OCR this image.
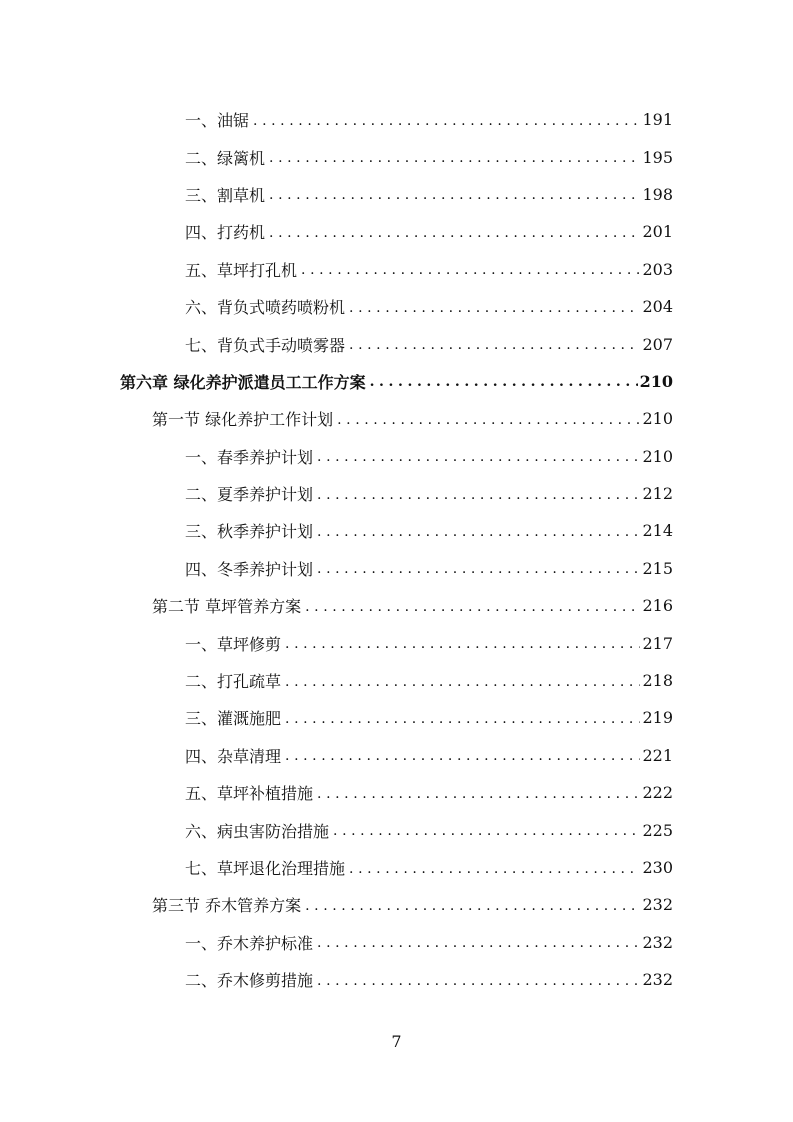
一、油锯 .....	191
二、绿篱机 .....	195
三、割草机 .....	198
四、打药机 .....	201
五、草坪打孔机 .....	203
六、背负式喷药喷粉机 .....	204
七、背负式手动喷雾器 .....	207
第六章 绿化养护派遣员工工作方案 .....	210
第一节 绿化养护工作计划 .....	210
一、春季养护计划 .....	210
二、夏季养护计划 .....	212
三、秋季养护计划 .....	214
四、冬季养护计划 .....	215
第二节 草坪管养方案 .....	216
一、草坪修剪 .....	217
二、打孔疏草 .....	218
三、灌溉施肥 .....	219
四、杂草清理 .....	221
五、草坪补植措施 .....	222
六、病虫害防治措施 .....	225
七、草坪退化治理措施 .....	230
第三节 乔木管养方案 .....	232
一、乔木养护标准 .....	232
二、乔木修剪措施 .....	232
7
